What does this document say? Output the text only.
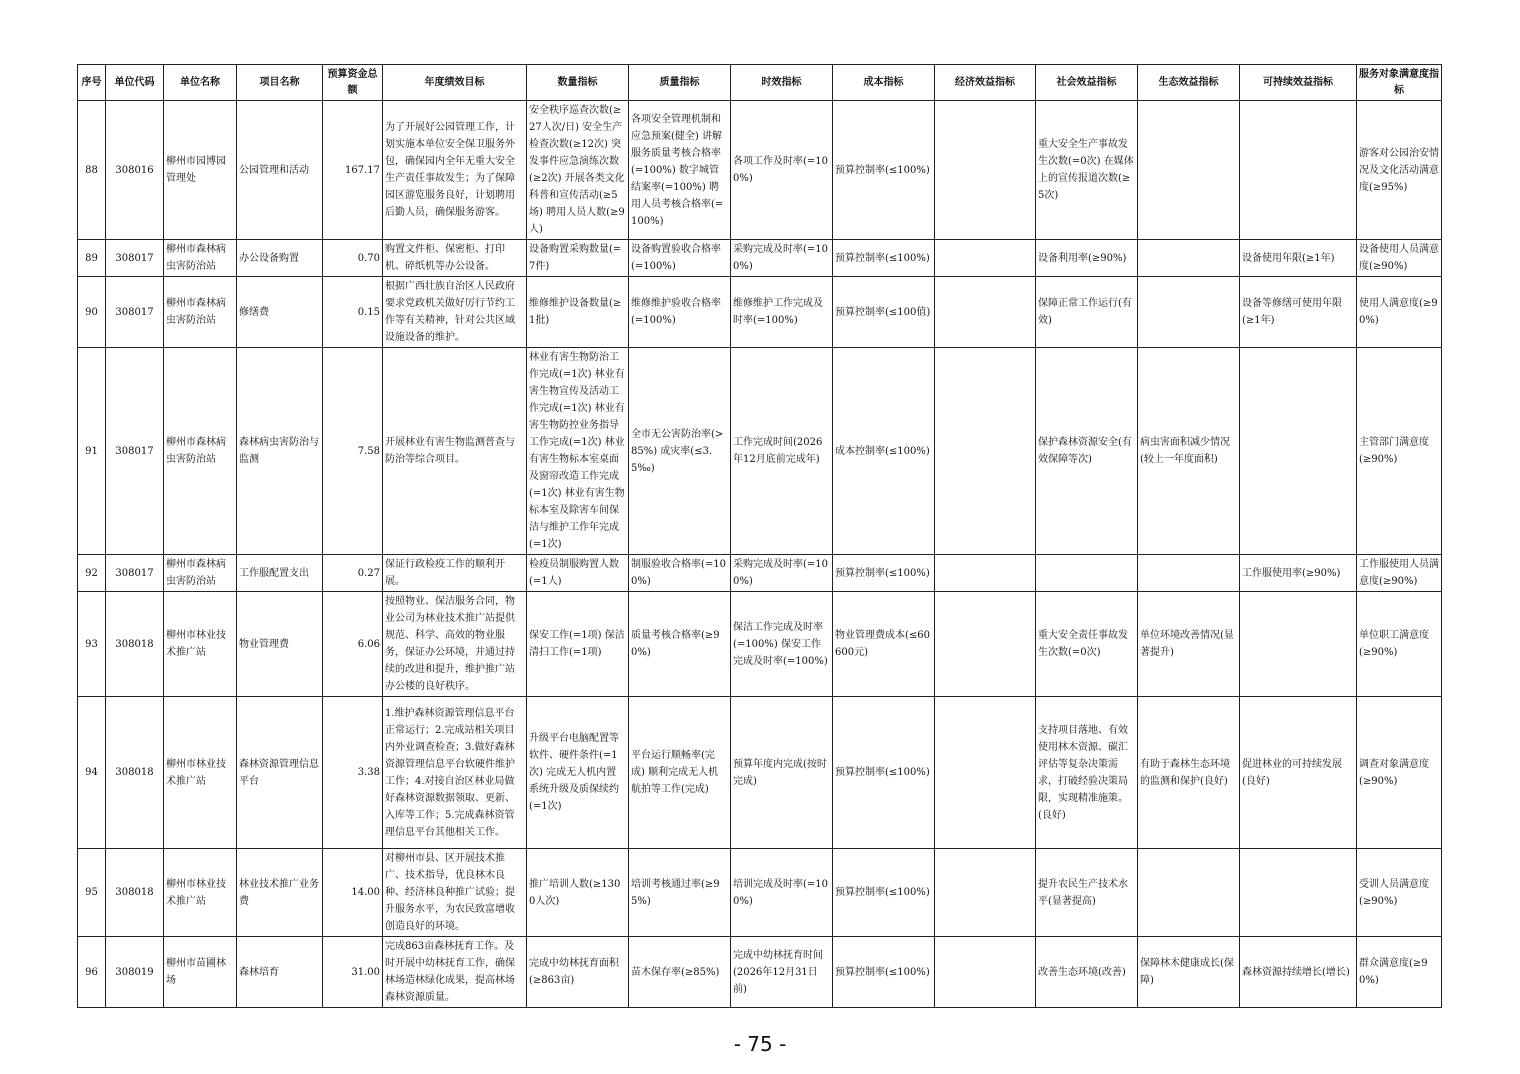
序号	单位代码	单位名称	项目名称	预算资金总额	年度绩效目标	数量指标	质量指标	时效指标	成本指标	经济效益指标	社会效益指标	生态效益指标	可持续效益指标	服务对象满意度指标
88	308016	柳州市园博园管理处	公园管理和活动	167.17	为了开展好公园管理工作，计划实施本单位安全保卫服务外包，确保园内全年无重大安全生产责任事故发生；为了保障园区游览服务良好，计划聘用后勤人员，确保服务游客。	安全秩序巡查次数(≥27人次/日) 安全生产检查次数(≥12次) 突发事件应急演练次数(≥2次) 开展各类文化科普和宣传活动(≥5场) 聘用人员人数(≥9人)	各项安全管理机制和应急预案(健全) 讲解服务质量考核合格率(=100%) 数字城管结案率(=100%) 聘用人员考核合格率(=100%)	各项工作及时率(=100%)	预算控制率(≤100%)		重大安全生产事故发生次数(=0次) 在媒体上的宣传报道次数(≥5次)			游客对公园治安情况及文化活动满意度(≥95%)
89	308017	柳州市森林病虫害防治站	办公设备购置	0.70	购置文件柜、保密柜、打印机、碎纸机等办公设备。	设备购置采购数量(=7件)	设备购置验收合格率(=100%)	采购完成及时率(=100%)	预算控制率(≤100%)		设备利用率(≥90%)		设备使用年限(≥1年)	设备使用人员满意度(≥90%)
90	308017	柳州市森林病虫害防治站	修缮费	0.15	根据广西壮族自治区人民政府要求党政机关做好厉行节约工作等有关精神，针对公共区域设施设备的维护。	维修维护设备数量(≥1批)	维修维护验收合格率(=100%)	维修维护工作完成及时率(=100%)	预算控制率(≤100值)		保障正常工作运行(有效)		设备等修缮可使用年限(≥1年)	使用人满意度(≥90%)
91	308017	柳州市森林病虫害防治站	森林病虫害防治与监测	7.58	开展林业有害生物监测普查与防治等综合项目。	林业有害生物防治工作完成(=1次) 林业有害生物宣传及活动工作完成(=1次) 林业有害生物防控业务指导工作完成(=1次) 林业有害生物标本室桌面及窗帘改造工作完成(=1次) 林业有害生物标本室及除害车间保洁与维护工作年完成(=1次)	全市无公害防治率(>85%) 成灾率(≤3.5‰)	工作完成时间(2026年12月底前完成年)	成本控制率(≤100%)		保护森林资源安全(有效保障等次)	病虫害面积减少情况(较上一年度面积)		主管部门满意度(≥90%)
92	308017	柳州市森林病虫害防治站	工作服配置支出	0.27	保证行政检疫工作的顺利开展。	检疫员制服购置人数(=1人)	制服验收合格率(=100%)	采购完成及时率(=100%)	预算控制率(≤100%)				工作服使用率(≥90%)	工作服使用人员满意度(≥90%)
93	308018	柳州市林业技术推广站	物业管理费	6.06	按照物业、保洁服务合同，物业公司为林业技术推广站提供规范、科学、高效的物业服务，保证办公环境，并通过持续的改进和提升，维护推广站办公楼的良好秩序。	保安工作(=1项) 保洁清扫工作(=1项)	质量考核合格率(≥90%)	保洁工作完成及时率(=100%) 保安工作完成及时率(=100%)	物业管理费成本(≤60600元)		重大安全责任事故发生次数(=0次)	单位环境改善情况(显著提升)		单位职工满意度(≥90%)
94	308018	柳州市林业技术推广站	森林资源管理信息平台	3.38	1.维护森林资源管理信息平台正常运行；2.完成站相关项目内外业调查检查；3.做好森林资源管理信息平台软硬件维护工作；4.对接自治区林业局做好森林资源数据领取、更新、入库等工作；5.完成森林资管理信息平台其他相关工作。	升级平台电脑配置等软件、硬件条件(=1次) 完成无人机内置系统升级及质保续约(=1次)	平台运行顺畅率(完成) 顺利完成无人机航拍等工作(完成)	预算年度内完成(按时完成)	预算控制率(≤100%)		支持项目落地、有效使用林木资源、碳汇评估等复杂决策需求，打破经验决策局限，实现精准施策。(良好)	有助于森林生态环境的监测和保护(良好)	促进林业的可持续发展(良好)	调查对象满意度(≥90%)
95	308018	柳州市林业技术推广站	林业技术推广业务费	14.00	对柳州市县、区开展技术推广、技术指导，优良林木良种、经济林良种推广试验；提升服务水平，为农民致富增收创造良好的环境。	推广培训人数(≥1300人次)	培训考核通过率(≥95%)	培训完成及时率(=100%)	预算控制率(≤100%)		提升农民生产技术水平(显著提高)			受训人员满意度(≥90%)
96	308019	柳州市苗圃林场	森林培育	31.00	完成863亩森林抚育工作。及时开展中幼林抚育工作，确保林场造林绿化成果，提高林场森林资源质量。	完成中幼林抚育面积(≥863亩)	苗木保存率(≥85%)	完成中幼林抚育时间(2026年12月31日前)	预算控制率(≤100%)		改善生态环境(改善)	保障林木健康成长(保障)	森林资源持续增长(增长)	群众满意度(≥90%)
- 75 -
